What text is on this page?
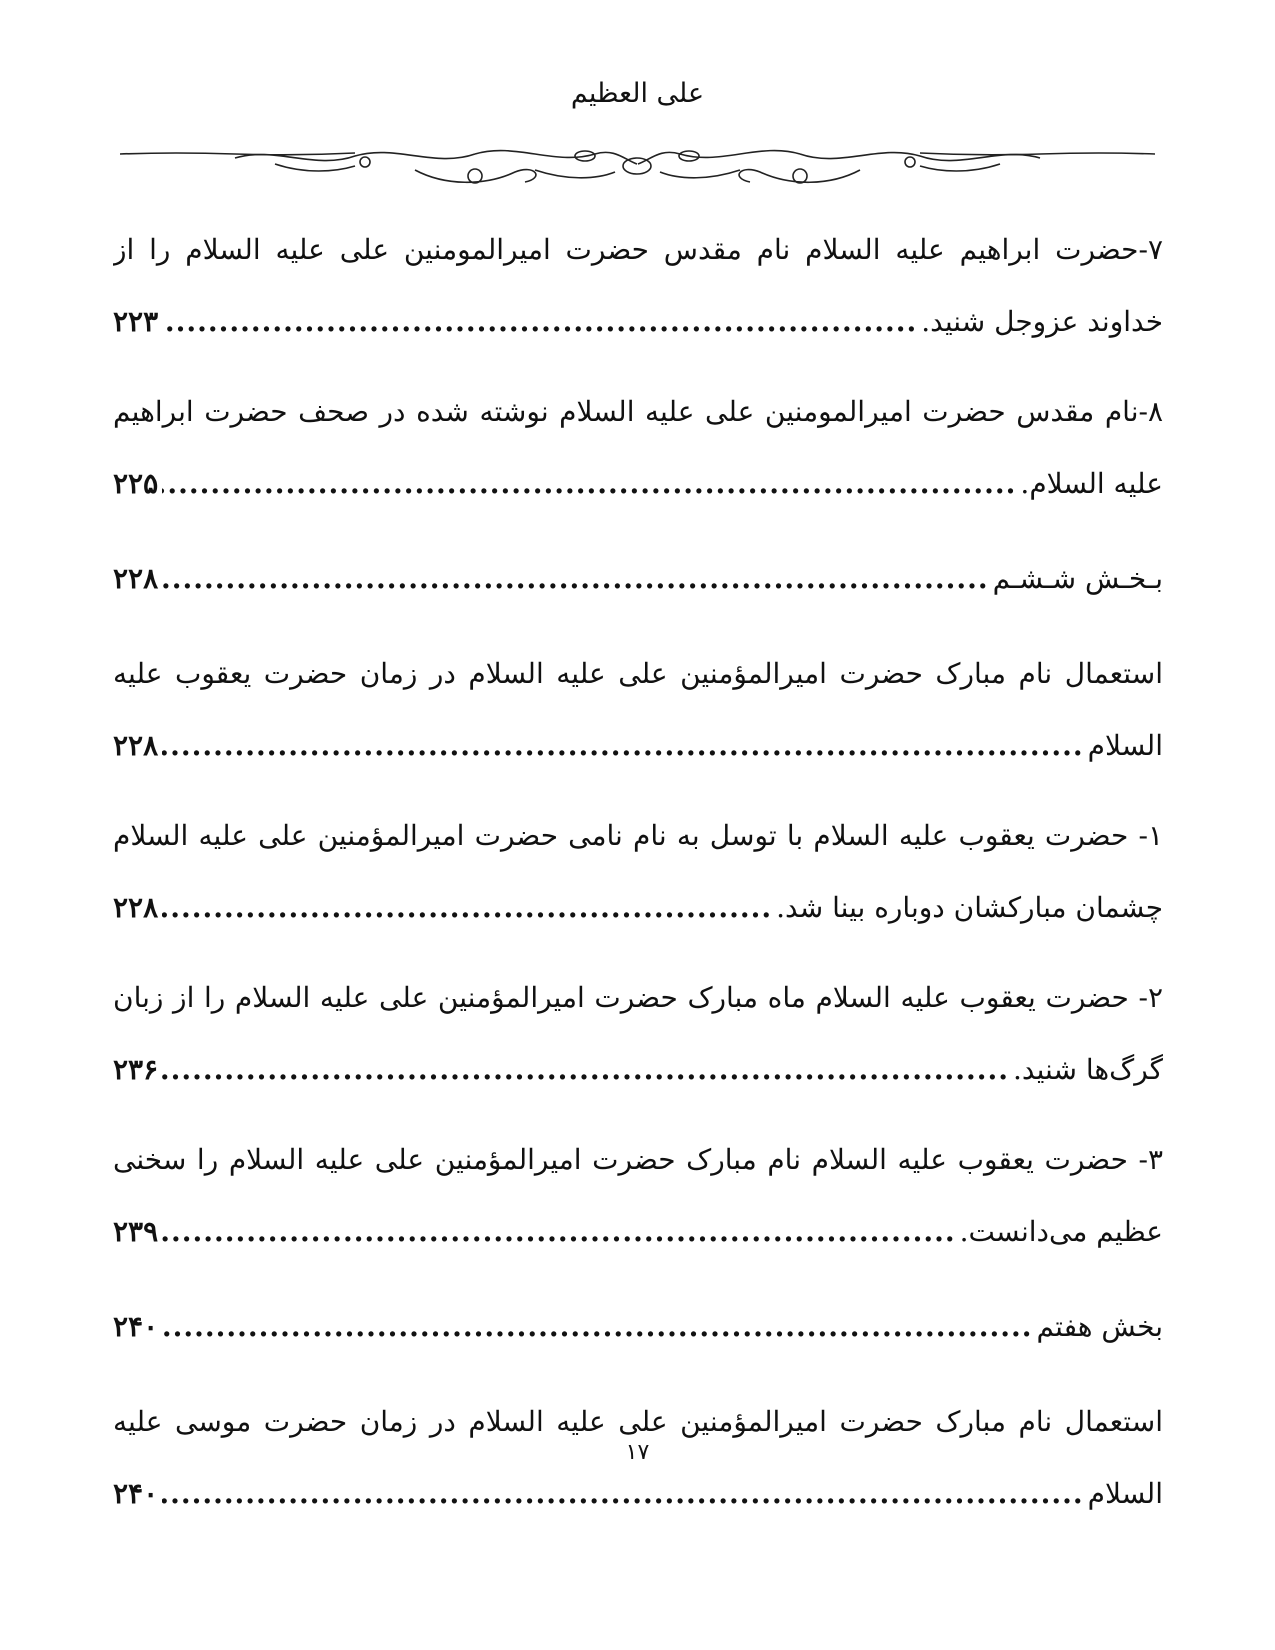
علی العظیم
۷-حضرت ابراهیم علیه السلام نام مقدس حضرت امیرالمومنین علی علیه السلام را از
خداوند عزوجل شنید.
.....
۲۲۳
۸-نام مقدس حضرت امیرالمومنین علی علیه السلام نوشته شده در صحف حضرت ابراهیم
علیه السلام.
.....
۲۲۵
بـخـش شـشـم
.....
۲۲۸
استعمال نام مبارک حضرت امیرالمؤمنین علی علیه السلام در زمان حضرت یعقوب علیه
السلام
.....
۲۲۸
۱- حضرت یعقوب علیه السلام با توسل به نام نامی حضرت امیرالمؤمنین علی علیه السلام
چشمان مبارکشان دوباره بینا شد.
.....
۲۲۸
۲- حضرت یعقوب علیه السلام ماه مبارک حضرت امیرالمؤمنین علی علیه السلام را از زبان
گرگ‌ها شنید.
.....
۲۳۶
۳- حضرت یعقوب علیه السلام نام مبارک حضرت امیرالمؤمنین علی علیه السلام را سخنی
عظیم می‌دانست.
.....
۲۳۹
بخش هفتم
.....
۲۴۰
استعمال نام مبارک حضرت امیرالمؤمنین علی علیه السلام در زمان حضرت موسی علیه
السلام
.....
۲۴۰
۱۷
